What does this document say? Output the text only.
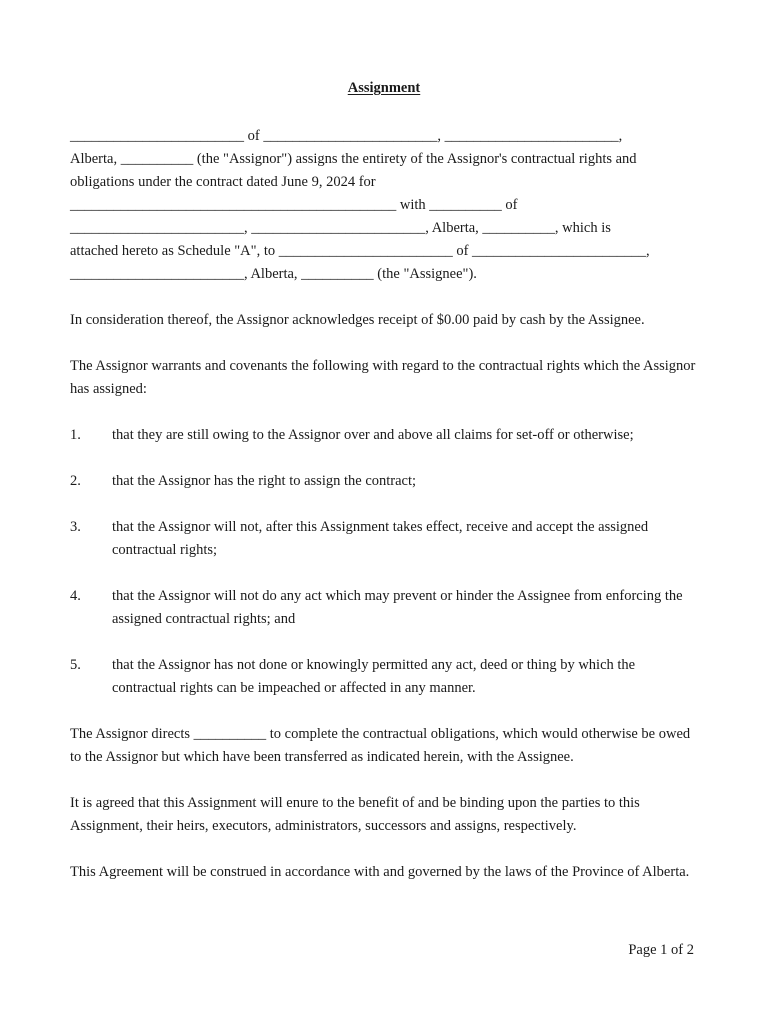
Assignment
________________________ of ________________________, ________________________,
Alberta, __________ (the "Assignor") assigns the entirety of the Assignor's contractual rights and
obligations under the contract dated June 9, 2024 for
_____________________________________________ with __________ of
________________________, ________________________, Alberta, __________, which is
attached hereto as Schedule "A", to ________________________ of ________________________,
________________________, Alberta, __________ (the "Assignee").

In consideration thereof, the Assignor acknowledges receipt of $0.00 paid by cash by the Assignee.

The Assignor warrants and covenants the following with regard to the contractual rights which the Assignor has assigned:

1.	that they are still owing to the Assignor over and above all claims for set-off or otherwise;
2.	that the Assignor has the right to assign the contract;
3.	that the Assignor will not, after this Assignment takes effect, receive and accept the assigned contractual rights;
4.	that the Assignor will not do any act which may prevent or hinder the Assignee from enforcing the assigned contractual rights; and
5.	that the Assignor has not done or knowingly permitted any act, deed or thing by which the contractual rights can be impeached or affected in any manner.

The Assignor directs __________ to complete the contractual obligations, which would otherwise be owed to the Assignor but which have been transferred as indicated herein, with the Assignee.

It is agreed that this Assignment will enure to the benefit of and be binding upon the parties to this Assignment, their heirs, executors, administrators, successors and assigns, respectively.

This Agreement will be construed in accordance with and governed by the laws of the Province of Alberta.

Page 1 of 2
